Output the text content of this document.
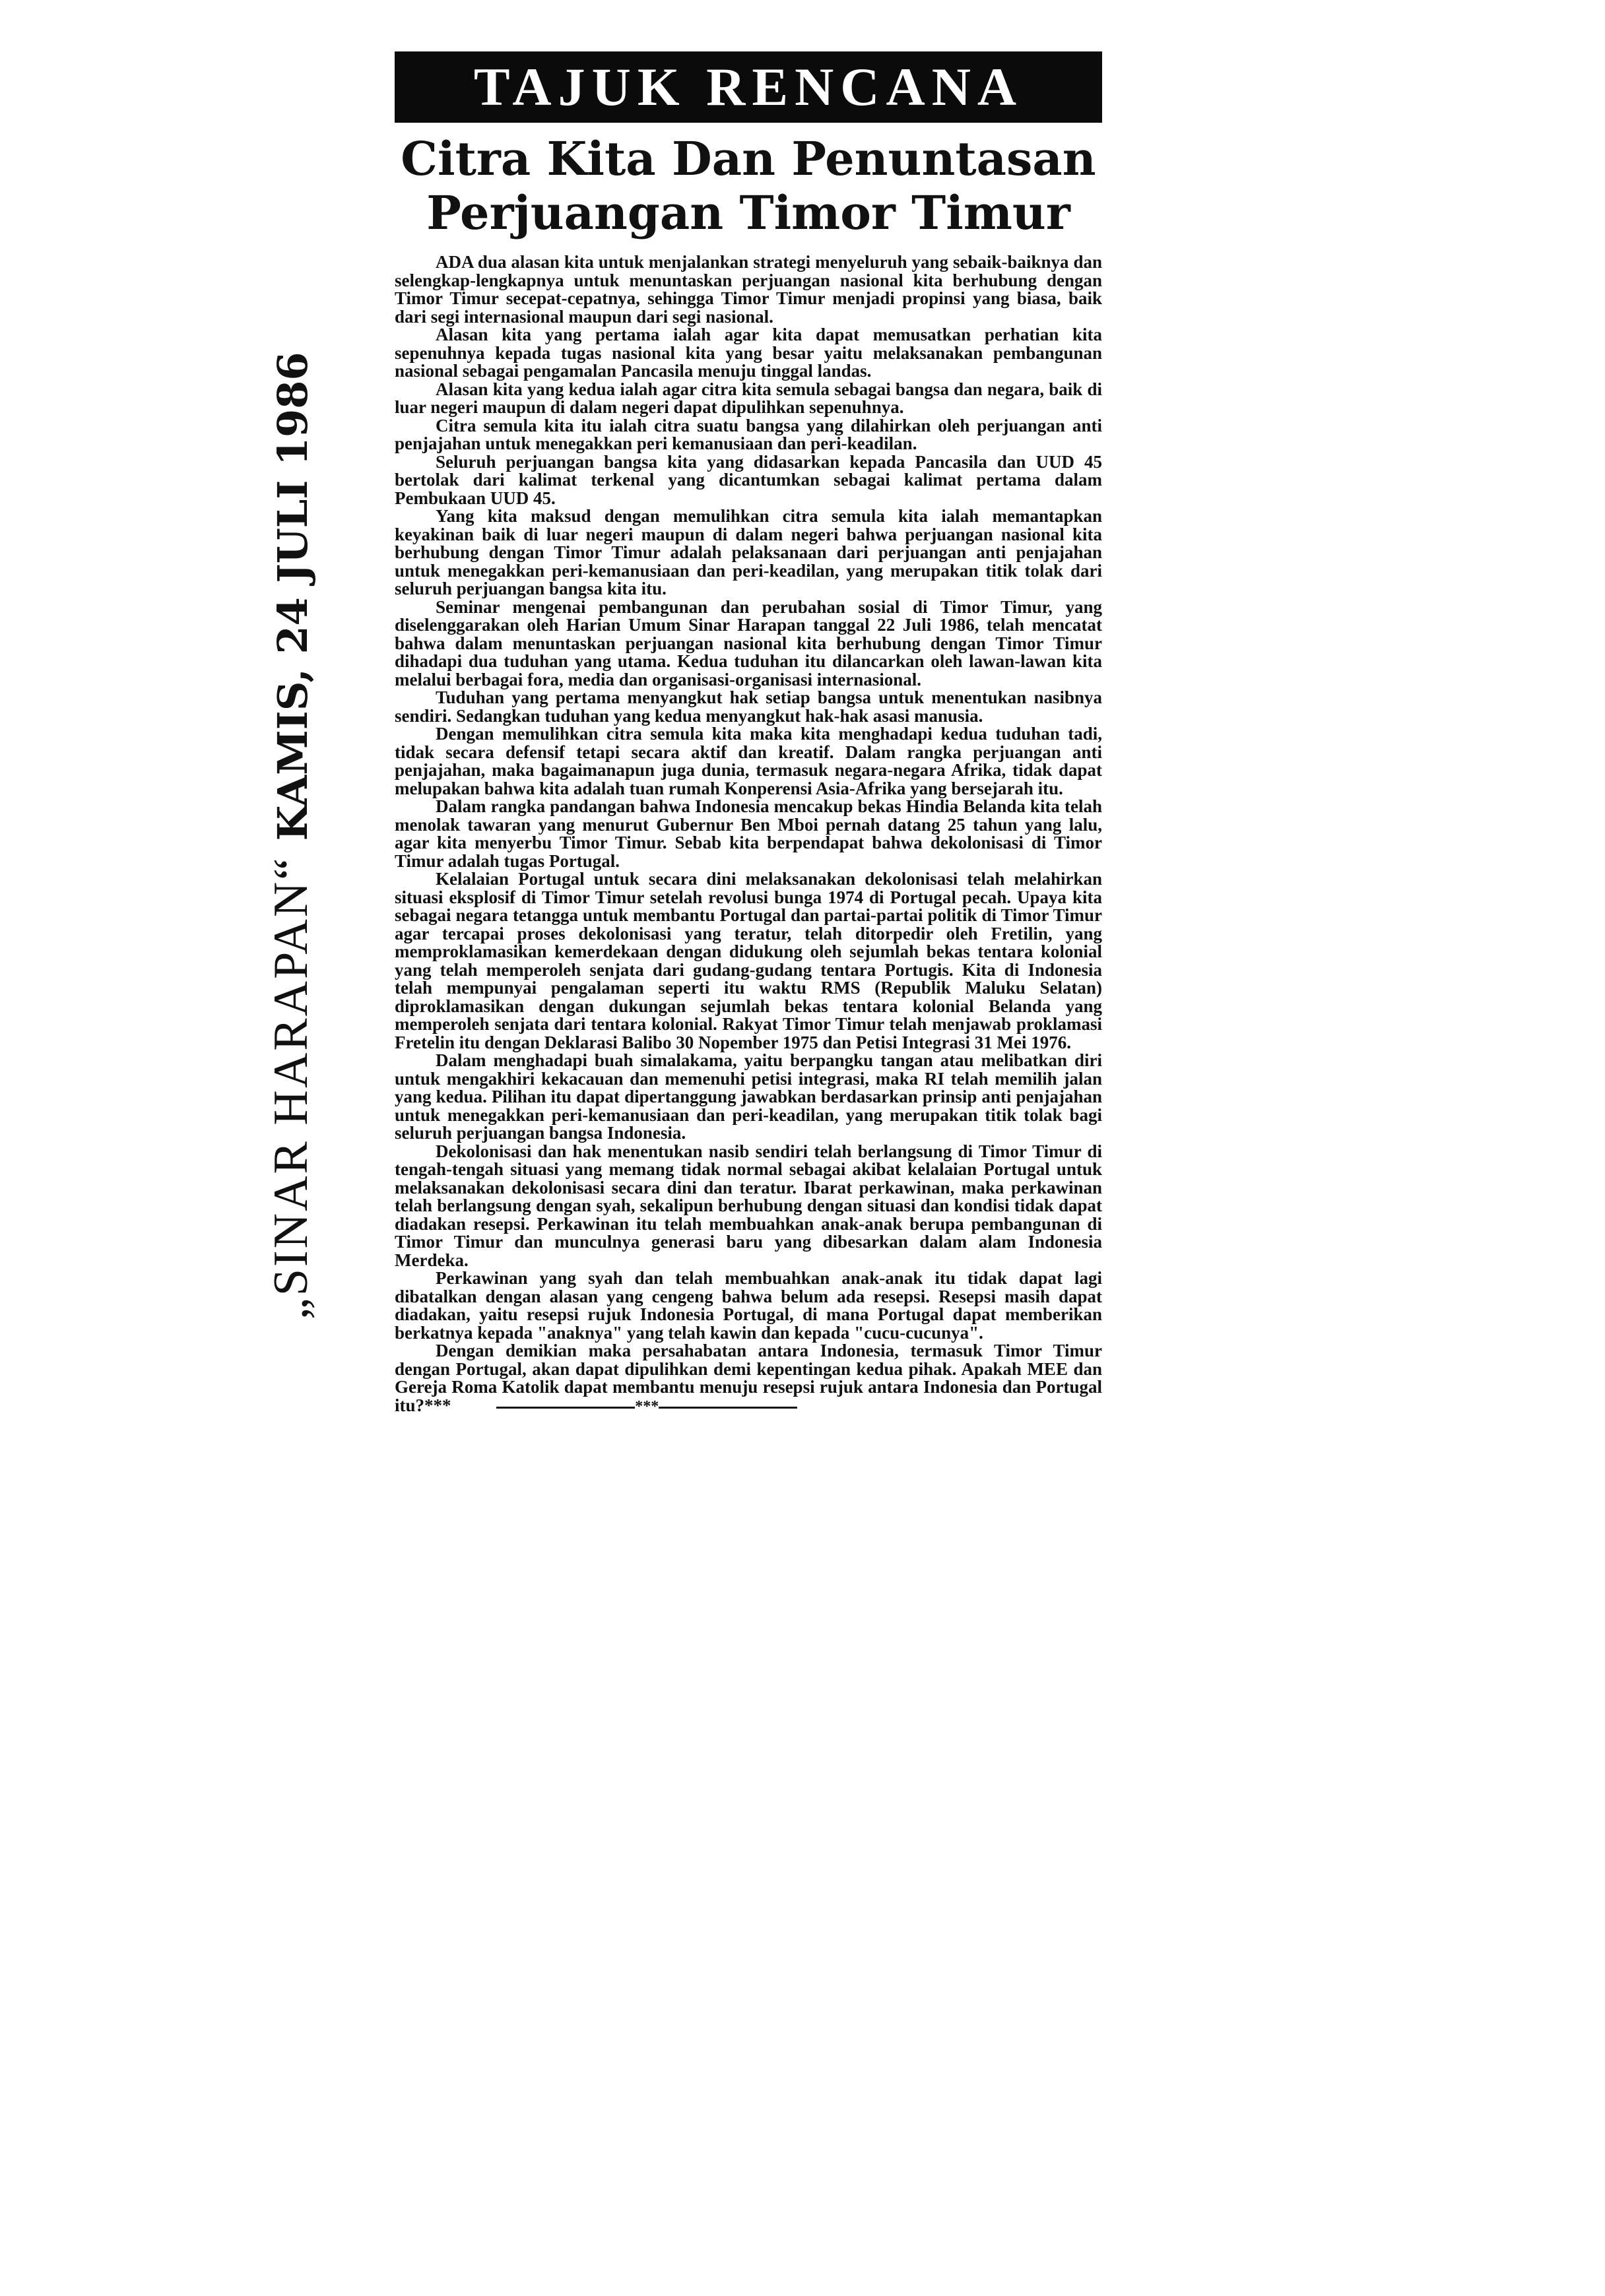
„SINAR HARAPAN“ KAMIS, 24 JULI 1986
TAJUK RENCANA
Citra Kita Dan Penuntasan
Perjuangan Timor Timur

ADA dua alasan kita untuk menjalankan strategi menyeluruh yang sebaik-baiknya dan selengkap-lengkapnya untuk menuntaskan perjuangan nasional kita berhubung dengan Timor Timur secepat-cepatnya, sehingga Timor Timur menjadi propinsi yang biasa, baik dari segi internasional maupun dari segi nasional.

Alasan kita yang pertama ialah agar kita dapat memusatkan perhatian kita sepenuhnya kepada tugas nasional kita yang besar yaitu melaksanakan pembangunan nasional sebagai pengamalan Pancasila menuju tinggal landas.

Alasan kita yang kedua ialah agar citra kita semula sebagai bangsa dan negara, baik di luar negeri maupun di dalam negeri dapat dipulihkan sepenuhnya.

Citra semula kita itu ialah citra suatu bangsa yang dilahirkan oleh perjuangan anti penjajahan untuk menegakkan peri kemanusiaan dan peri-keadilan.

Seluruh perjuangan bangsa kita yang didasarkan kepada Pancasila dan UUD 45 bertolak dari kalimat terkenal yang dicantumkan sebagai kalimat pertama dalam Pembukaan UUD 45.

Yang kita maksud dengan memulihkan citra semula kita ialah memantapkan keyakinan baik di luar negeri maupun di dalam negeri bahwa perjuangan nasional kita berhubung dengan Timor Timur adalah pelaksanaan dari perjuangan anti penjajahan untuk menegakkan peri-kemanusiaan dan peri-keadilan, yang merupakan titik tolak dari seluruh perjuangan bangsa kita itu.

Seminar mengenai pembangunan dan perubahan sosial di Timor Timur, yang diselenggarakan oleh Harian Umum Sinar Harapan tanggal 22 Juli 1986, telah mencatat bahwa dalam menuntaskan perjuangan nasional kita berhubung dengan Timor Timur dihadapi dua tuduhan yang utama. Kedua tuduhan itu dilancarkan oleh lawan-lawan kita melalui berbagai fora, media dan organisasi-organisasi internasional.

Tuduhan yang pertama menyangkut hak setiap bangsa untuk menentukan nasibnya sendiri. Sedangkan tuduhan yang kedua menyangkut hak-hak asasi manusia.

Dengan memulihkan citra semula kita maka kita menghadapi kedua tuduhan tadi, tidak secara defensif tetapi secara aktif dan kreatif. Dalam rangka perjuangan anti penjajahan, maka bagaimanapun juga dunia, termasuk negara-negara Afrika, tidak dapat melupakan bahwa kita adalah tuan rumah Konperensi Asia-Afrika yang bersejarah itu.

Dalam rangka pandangan bahwa Indonesia mencakup bekas Hindia Belanda kita telah menolak tawaran yang menurut Gubernur Ben Mboi pernah datang 25 tahun yang lalu, agar kita menyerbu Timor Timur. Sebab kita berpendapat bahwa dekolonisasi di Timor Timur adalah tugas Portugal.

Kelalaian Portugal untuk secara dini melaksanakan dekolonisasi telah melahirkan situasi eksplosif di Timor Timur setelah revolusi bunga 1974 di Portugal pecah. Upaya kita sebagai negara tetangga untuk membantu Portugal dan partai-partai politik di Timor Timur agar tercapai proses dekolonisasi yang teratur, telah ditorpedir oleh Fretilin, yang memproklamasikan kemerdekaan dengan didukung oleh sejumlah bekas tentara kolonial yang telah memperoleh senjata dari gudang-gudang tentara Portugis. Kita di Indonesia telah mempunyai pengalaman seperti itu waktu RMS (Republik Maluku Selatan) diproklamasikan dengan dukungan sejumlah bekas tentara kolonial Belanda yang memperoleh senjata dari tentara kolonial. Rakyat Timor Timur telah menjawab proklamasi Fretelin itu dengan Deklarasi Balibo 30 Nopember 1975 dan Petisi Integrasi 31 Mei 1976.

Dalam menghadapi buah simalakama, yaitu berpangku tangan atau melibatkan diri untuk mengakhiri kekacauan dan memenuhi petisi integrasi, maka RI telah memilih jalan yang kedua. Pilihan itu dapat dipertanggung jawabkan berdasarkan prinsip anti penjajahan untuk menegakkan peri-kemanusiaan dan peri-keadilan, yang merupakan titik tolak bagi seluruh perjuangan bangsa Indonesia.

Dekolonisasi dan hak menentukan nasib sendiri telah berlangsung di Timor Timur di tengah-tengah situasi yang memang tidak normal sebagai akibat kelalaian Portugal untuk melaksanakan dekolonisasi secara dini dan teratur. Ibarat perkawinan, maka perkawinan telah berlangsung dengan syah, sekalipun berhubung dengan situasi dan kondisi tidak dapat diadakan resepsi. Perkawinan itu telah membuahkan anak-anak berupa pembangunan di Timor Timur dan munculnya generasi baru yang dibesarkan dalam alam Indonesia Merdeka.

Perkawinan yang syah dan telah membuahkan anak-anak itu tidak dapat lagi dibatalkan dengan alasan yang cengeng bahwa belum ada resepsi. Resepsi masih dapat diadakan, yaitu resepsi rujuk Indonesia Portugal, di mana Portugal dapat memberikan berkatnya kepada "anaknya" yang telah kawin dan kepada "cucu-cucunya".

Dengan demikian maka persahabatan antara Indonesia, termasuk Timor Timur dengan Portugal, akan dapat dipulihkan demi kepentingan kedua pihak. Apakah MEE dan Gereja Roma Katolik dapat membantu menuju resepsi rujuk antara Indonesia dan Portugal itu?***	***
